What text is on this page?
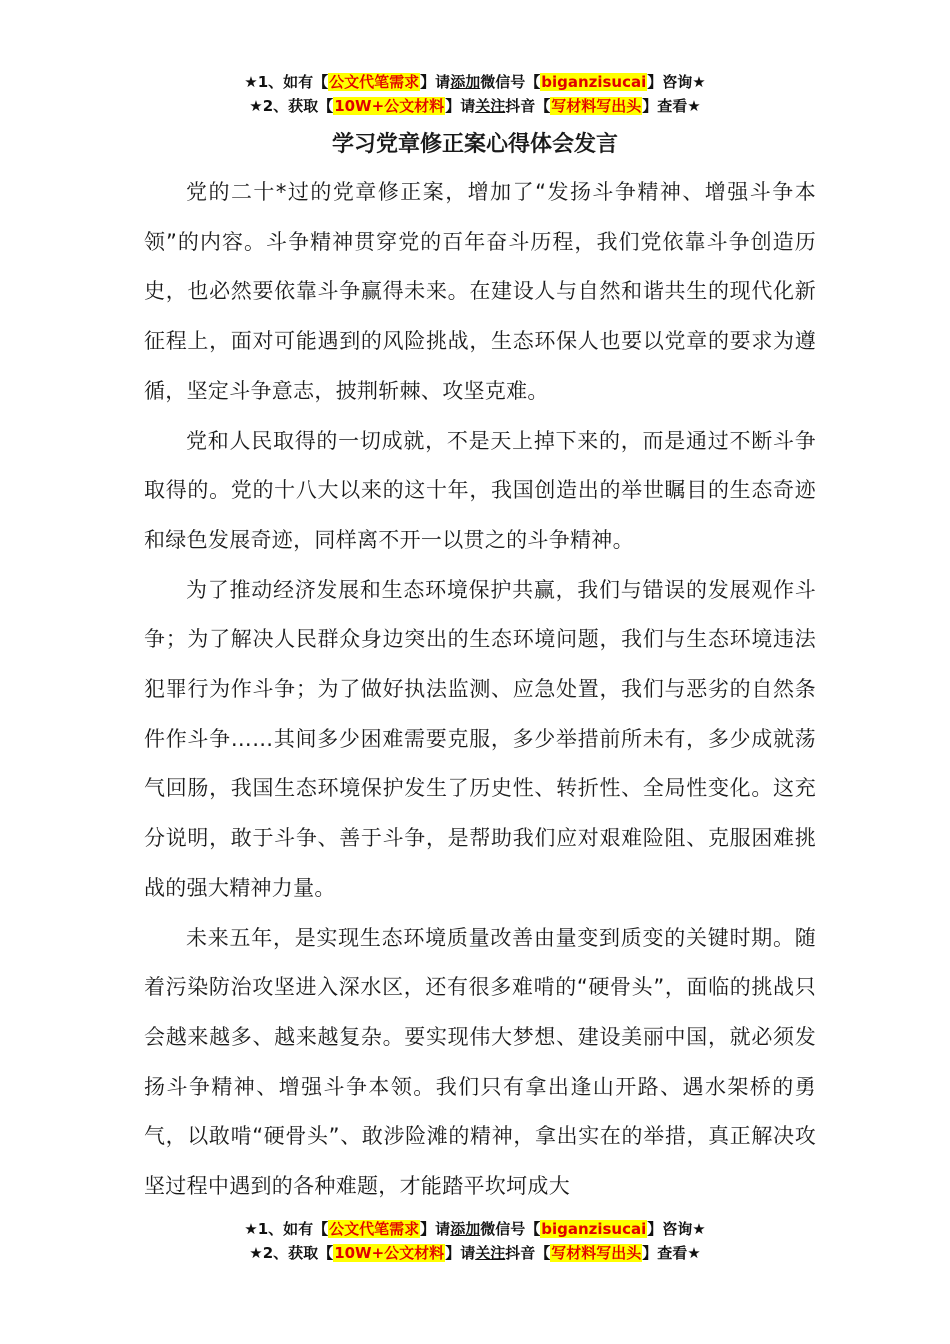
★1、如有【公文代笔需求】请添加微信号【biganzisucai】咨询★
★2、获取【10W+公文材料】请关注抖音【写材料写出头】查看★
学习党章修正案心得体会发言

党的二十*过的党章修正案，增加了“发扬斗争精神、增强斗争本领”的内容。斗争精神贯穿党的百年奋斗历程，我们党依靠斗争创造历史，也必然要依靠斗争赢得未来。在建设人与自然和谐共生的现代化新征程上，面对可能遇到的风险挑战，生态环保人也要以党章的要求为遵循，坚定斗争意志，披荆斩棘、攻坚克难。

党和人民取得的一切成就，不是天上掉下来的，而是通过不断斗争取得的。党的十八大以来的这十年，我国创造出的举世瞩目的生态奇迹和绿色发展奇迹，同样离不开一以贯之的斗争精神。

为了推动经济发展和生态环境保护共赢，我们与错误的发展观作斗争；为了解决人民群众身边突出的生态环境问题，我们与生态环境违法犯罪行为作斗争；为了做好执法监测、应急处置，我们与恶劣的自然条件作斗争……其间多少困难需要克服，多少举措前所未有，多少成就荡气回肠，我国生态环境保护发生了历史性、转折性、全局性变化。这充分说明，敢于斗争、善于斗争，是帮助我们应对艰难险阻、克服困难挑战的强大精神力量。

未来五年，是实现生态环境质量改善由量变到质变的关键时期。随着污染防治攻坚进入深水区，还有很多难啃的“硬骨头”，面临的挑战只会越来越多、越来越复杂。要实现伟大梦想、建设美丽中国，就必须发扬斗争精神、增强斗争本领。我们只有拿出逢山开路、遇水架桥的勇气，以敢啃“硬骨头”、敢涉险滩的精神，拿出实在的举措，真正解决攻坚过程中遇到的各种难题，才能踏平坎坷成大

★1、如有【公文代笔需求】请添加微信号【biganzisucai】咨询★
★2、获取【10W+公文材料】请关注抖音【写材料写出头】查看★
